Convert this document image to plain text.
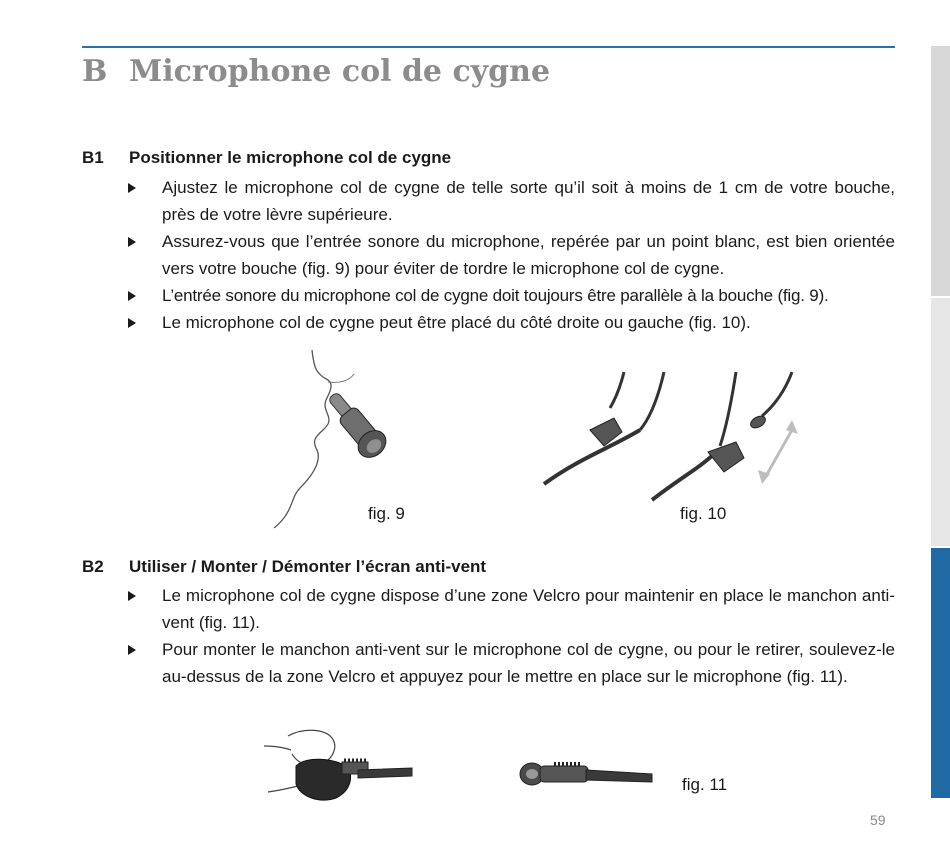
B Microphone col de cygne
B1 Positionner le microphone col de cygne
Ajustez le microphone col de cygne de telle sorte qu’il soit à moins de 1 cm de votre bouche, près de votre lèvre supérieure.
Assurez-vous que l’entrée sonore du microphone, repérée par un point blanc, est bien orientée vers votre bouche (fig. 9) pour éviter de tordre le microphone col de cygne.
L’entrée sonore du microphone col de cygne doit toujours être parallèle à la bouche (fig. 9).
Le microphone col de cygne peut être placé du côté droite ou gauche (fig. 10).
fig. 9	fig. 10
B2 Utiliser / Monter / Démonter l’écran anti-vent
Le microphone col de cygne dispose d’une zone Velcro pour maintenir en place le manchon anti-vent (fig. 11).
Pour monter le manchon anti-vent sur le microphone col de cygne, ou pour le retirer, soulevez-le au-dessus de la zone Velcro et appuyez pour le mettre en place sur le microphone (fig. 11).
fig. 11
59
